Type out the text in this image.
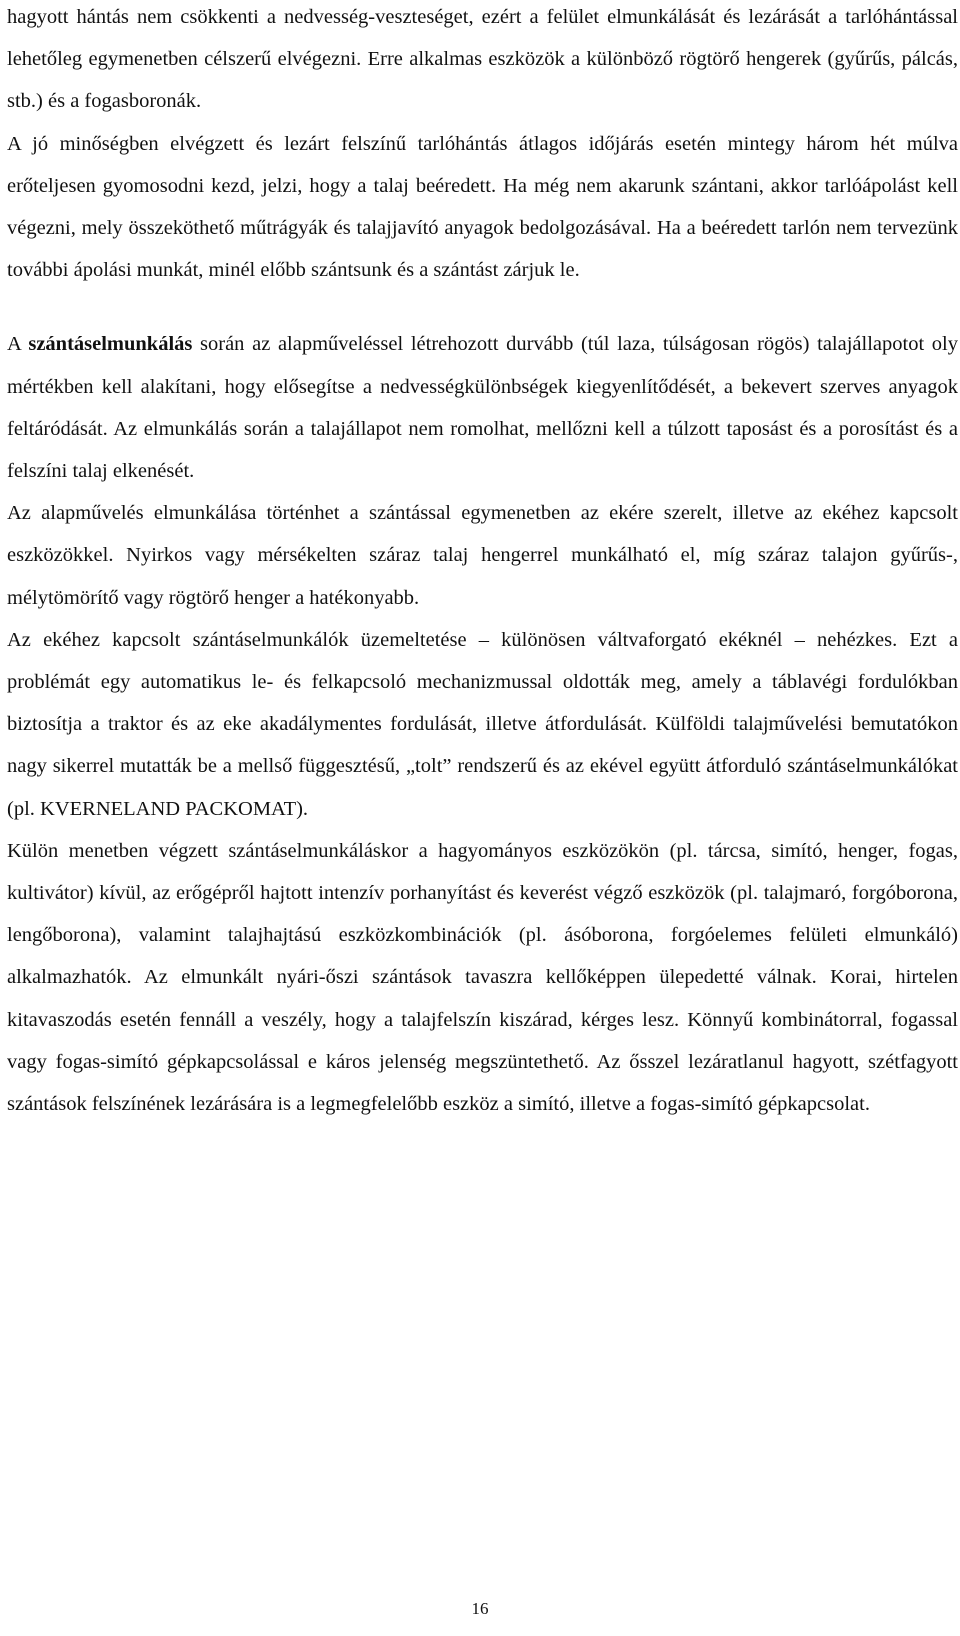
hagyott hántás nem csökkenti a nedvesség-veszteséget, ezért a felület elmunkálását és lezárását a tarlóhántással lehetőleg egymenetben célszerű elvégezni. Erre alkalmas eszközök a különböző rögtörő hengerek (gyűrűs, pálcás, stb.) és a fogasboronák.

A jó minőségben elvégzett és lezárt felszínű tarlóhántás átlagos időjárás esetén mintegy három hét múlva erőteljesen gyomosodni kezd, jelzi, hogy a talaj beéredett. Ha még nem akarunk szántani, akkor tarlóápolást kell végezni, mely összeköthető műtrágyák és talajjavító anyagok bedolgozásával. Ha a beéredett tarlón nem tervezünk további ápolási munkát, minél előbb szántsunk és a szántást zárjuk le.

A szántáselmunkálás során az alapműveléssel létrehozott durvább (túl laza, túlságosan rögös) talajállapotot oly mértékben kell alakítani, hogy elősegítse a nedvességkülönbségek kiegyenlítődését, a bekevert szerves anyagok feltáródását. Az elmunkálás során a talajállapot nem romolhat, mellőzni kell a túlzott taposást és a porosítást és a felszíni talaj elkenését.

Az alapművelés elmunkálása történhet a szántással egymenetben az ekére szerelt, illetve az ekéhez kapcsolt eszközökkel. Nyirkos vagy mérsékelten száraz talaj hengerrel munkálható el, míg száraz talajon gyűrűs-, mélytömörítő vagy rögtörő henger a hatékonyabb.

Az ekéhez kapcsolt szántáselmunkálók üzemeltetése – különösen váltvaforgató ekéknél – nehézkes. Ezt a problémát egy automatikus le- és felkapcsoló mechanizmussal oldották meg, amely a táblavégi fordulókban biztosítja a traktor és az eke akadálymentes fordulását, illetve átfordulását. Külföldi talajművelési bemutatókon nagy sikerrel mutatták be a mellső függesztésű, „tolt” rendszerű és az ekével együtt átforduló szántáselmunkálókat (pl. KVERNELAND PACKOMAT).

Külön menetben végzett szántáselmunkáláskor a hagyományos eszközökön (pl. tárcsa, simító, henger, fogas, kultivátor) kívül, az erőgépről hajtott intenzív porhanyítást és keverést végző eszközök (pl. talajmaró, forgóborona, lengőborona), valamint talajhajtású eszközkombinációk (pl. ásóborona, forgóelemes felületi elmunkáló) alkalmazhatók. Az elmunkált nyári-őszi szántások tavaszra kellőképpen ülepedetté válnak. Korai, hirtelen kitavaszodás esetén fennáll a veszély, hogy a talajfelszín kiszárad, kérges lesz. Könnyű kombinátorral, fogassal vagy fogas-simító gépkapcsolással e káros jelenség megszüntethető. Az ősszel lezáratlanul hagyott, szétfagyott szántások felszínének lezárására is a legmegfelelőbb eszköz a simító, illetve a fogas-simító gépkapcsolat.

16
